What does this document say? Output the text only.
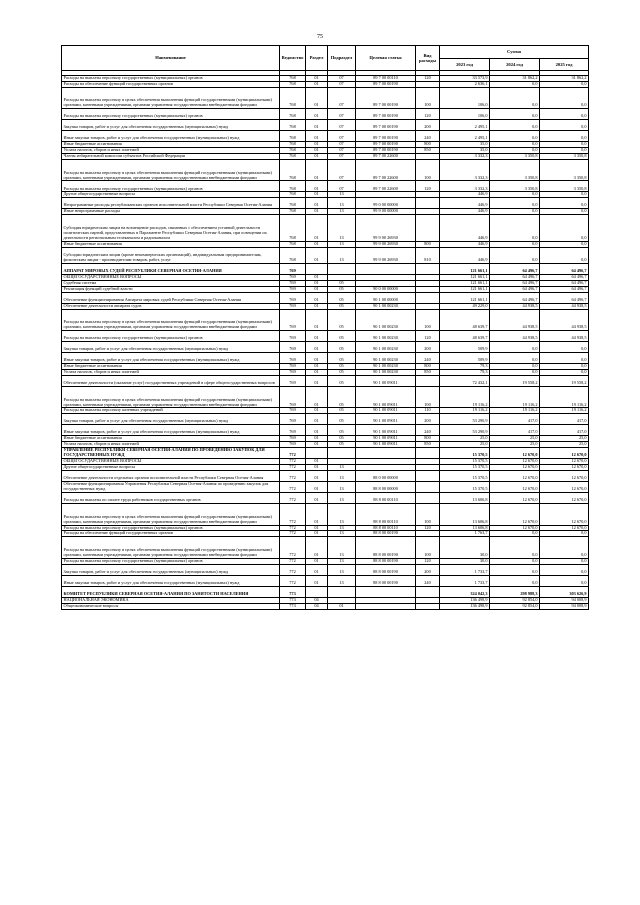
75
Наименование	Ведомство	Раздел	Подраздел	Целевая статья	Вид расходы	Сумма		
						2023 год	2024 год	2025 год

Расходы на выплаты персоналу государственных (муниципальных) органов	768	01	07	89 7 00 00110	120	33 573,9	31 862,2	31 862,2
Расходы на обеспечение функций государственных органов	768	01	07	89 7 00 00190		2 636,1	0,0	0,0
Расходы на выплаты персоналу в целях обеспечения выполнения функций государственными (муниципальными) органами, казенными учреждениями, органами управления государственными внебюджетными фондами	768	01	07	89 7 00 00190	100	106,0	0,0	0,0
Расходы на выплаты персоналу государственных (муниципальных) органов	768	01	07	89 7 00 00190	120	106,0	0,0	0,0
Закупка товаров, работ и услуг для обеспечения государственных (муниципальных) нужд	768	01	07	89 7 00 00190	200	2 495,1	0,0	0,0
Иные закупки товаров, работ и услуг для обеспечения государственных (муниципальных) нужд	768	01	07	89 7 00 00190	240	2 495,1	0,0	0,0
Иные бюджетные ассигнования	768	01	07	89 7 00 00190	800	35,0	0,0	0,0
Уплата налогов, сборов и иных платежей	768	01	07	89 7 00 00190	850	35,0	0,0	0,0
Члены избирательной комиссии субъектов Российской Федерации	768	01	07	89 7 00 22600		3 332,3	3 350,8	3 350,8
Расходы на выплаты персоналу в целях обеспечения выполнения функций государственными (муниципальными) органами, казенными учреждениями, органами управления государственными внебюджетными фондами	768	01	07	89 7 00 22600	100	3 332,3	3 350,8	3 350,8
Расходы на выплаты персоналу государственных (муниципальных) органов	768	01	07	89 7 00 22600	120	3 332,3	3 350,8	3 350,8
Другие общегосударственные вопросы	768	01	13			446,9	0,0	0,0
Непрограммные расходы республиканских органов исполнительной власти Республики Северная Осетия-Алания	768	01	13	99 0 00 00000		446,9	0,0	0,0
Иные непрограммные расходы	768	01	13	99 9 00 00000		446,9	0,0	0,0
Субсидия юридическим лицам на возмещение расходов, связанных с обеспечением уставной деятельности политических партий, представленных в Парламенте Республики Северная Осетия-Алания, при освещении их деятельности региональным телеканалом и радиоканалом	768	01	13	99 9 00 26930		446,9	0,0	0,0
Иные бюджетные ассигнования	768	01	13	99 9 00 26930	800	446,9	0,0	0,0
Субсидии юридическим лицам (кроме некоммерческих организаций), индивидуальным предпринимателям, физическим лицам - производителям товаров, работ, услуг	768	01	13	99 9 00 26930	810	446,9	0,0	0,0
АППАРАТ МИРОВЫХ СУДЕЙ РЕСПУБЛИКИ СЕВЕРНАЯ ОСЕТИЯ-АЛАНИЯ	769					121 661,1	64 496,7	64 496,7
ОБЩЕГОСУДАРСТВЕННЫЕ ВОПРОСЫ	769	01				121 661,1	64 496,7	64 496,7
Судебная система	769	01	05			121 661,1	64 496,7	64 496,7
Реализация функций судебной власти	769	01	05	90 0 00 00000		121 661,1	64 496,7	64 496,7
Обеспечение функционирования Аппарата мировых судей Республики Северная Осетия-Алания	769	01	05	90 1 00 00000		121 661,1	64 496,7	64 496,7
Обеспечение деятельности аппарата судов	769	01	05	90 1 00 00230		49 229,0	44 938,5	44 938,5
Расходы на выплаты персоналу в целях обеспечения выполнения функций государственными (муниципальными) органами, казенными учреждениями, органами управления государственными внебюджетными фондами	769	01	05	90 1 00 00230	100	48 639,7	44 938,5	44 938,5
Расходы на выплаты персоналу государственных (муниципальных) органов	769	01	05	90 1 00 00230	120	48 639,7	44 938,5	44 938,5
Закупка товаров, работ и услуг для обеспечения государственных (муниципальных) нужд	769	01	05	90 1 00 00230	200	509,9	0,0	0,0
Иные закупки товаров, работ и услуг для обеспечения государственных (муниципальных) нужд	769	01	05	90 1 00 00230	240	509,9	0,0	0,0
Иные бюджетные ассигнования	769	01	05	90 1 00 00230	800	79,3	0,0	0,0
Уплата налогов, сборов и иных платежей	769	01	05	90 1 00 00230	850	79,3	0,0	0,0
Обеспечение деятельности (оказание услуг) государственных учреждений в сфере общегосударственных вопросов	769	01	05	90 1 00 09011		72 432,1	19 558,2	19 558,2
Расходы на выплаты персоналу в целях обеспечения выполнения функций государственными (муниципальными) органами, казенными учреждениями, органами управления государственными внебюджетными фондами	769	01	05	90 1 00 09011	100	19 116,2	19 116,2	19 116,2
Расходы на выплаты персоналу казенных учреждений	769	01	05	90 1 00 09011	110	19 116,2	19 116,2	19 116,2
Закупка товаров, работ и услуг для обеспечения государственных (муниципальных) нужд	769	01	05	90 1 00 09011	200	53 290,9	417,0	417,0
Иные закупки товаров, работ и услуг для обеспечения государственных (муниципальных) нужд	769	01	05	90 1 00 09011	240	53 290,9	417,0	417,0
Иные бюджетные ассигнования	769	01	05	90 1 00 09011	800	25,0	25,0	25,0
Уплата налогов, сборов и иных платежей	769	01	05	90 1 00 09011	850	25,0	25,0	25,0
УПРАВЛЕНИЕ РЕСПУБЛИКИ СЕВЕРНАЯ ОСЕТИЯ-АЛАНИЯ ПО ПРОВЕДЕНИЮ ЗАКУПОК ДЛЯ ГОСУДАРСТВЕННЫХ НУЖД	772					15 370,5	12 670,0	12 670,0
ОБЩЕГОСУДАРСТВЕННЫЕ ВОПРОСЫ	772	01				15 370,5	12 670,0	12 670,0
Другие общегосударственные вопросы	772	01	13			15 370,5	12 670,0	12 670,0
Обеспечение деятельности отдельных органов исполнительной власти Республики Северная Осетия-Алания	772	01	13	88 0 00 00000		15 370,5	12 670,0	12 670,0
Обеспечение функционирования Управления Республики Северная Осетия-Алания по проведению закупок для государственных нужд	772	01	13	88 8 00 00000		15 370,5	12 670,0	12 670,0
Расходы на выплаты по оплате труда работников государственных органов	772	01	13	88 8 00 00110		13 606,8	12 670,0	12 670,0
Расходы на выплаты персоналу в целях обеспечения выполнения функций государственными (муниципальными) органами, казенными учреждениями, органами управления государственными внебюджетными фондами	772	01	13	88 8 00 00110	100	13 606,8	12 670,0	12 670,0
Расходы на выплаты персоналу государственных (муниципальных) органов	772	01	13	88 8 00 00110	120	13 606,8	12 670,0	12 670,0
Расходы на обеспечение функций государственных органов	772	01	13	88 8 00 00190		1 763,7	0,0	0,0
Расходы на выплаты персоналу в целях обеспечения выполнения функций государственными (муниципальными) органами, казенными учреждениями, органами управления государственными внебюджетными фондами	772	01	13	88 8 00 00190	100	30,0	0,0	0,0
Расходы на выплаты персоналу государственных (муниципальных) органов	772	01	13	88 8 00 00190	120	30,0	0,0	0,0
Закупка товаров, работ и услуг для обеспечения государственных (муниципальных) нужд	772	01	13	88 8 00 00190	200	1 733,7	0,0	0,0
Иные закупки товаров, работ и услуг для обеспечения государственных (муниципальных) нужд	772	01	13	88 8 00 00190	240	1 733,7	0,0	0,0
КОМИТЕТ РЕСПУБЛИКИ СЕВЕРНАЯ ОСЕТИЯ-АЛАНИЯ ПО ЗАНЯТОСТИ НАСЕЛЕНИЯ	773					324 042,3	298 988,3	303 626,9
НАЦИОНАЛЬНАЯ ЭКОНОМИКА	773	04				136 498,9	92 854,0	94 008,9
Общеэкономические вопросы	773	04	01			136 498,9	92 854,0	94 008,9
